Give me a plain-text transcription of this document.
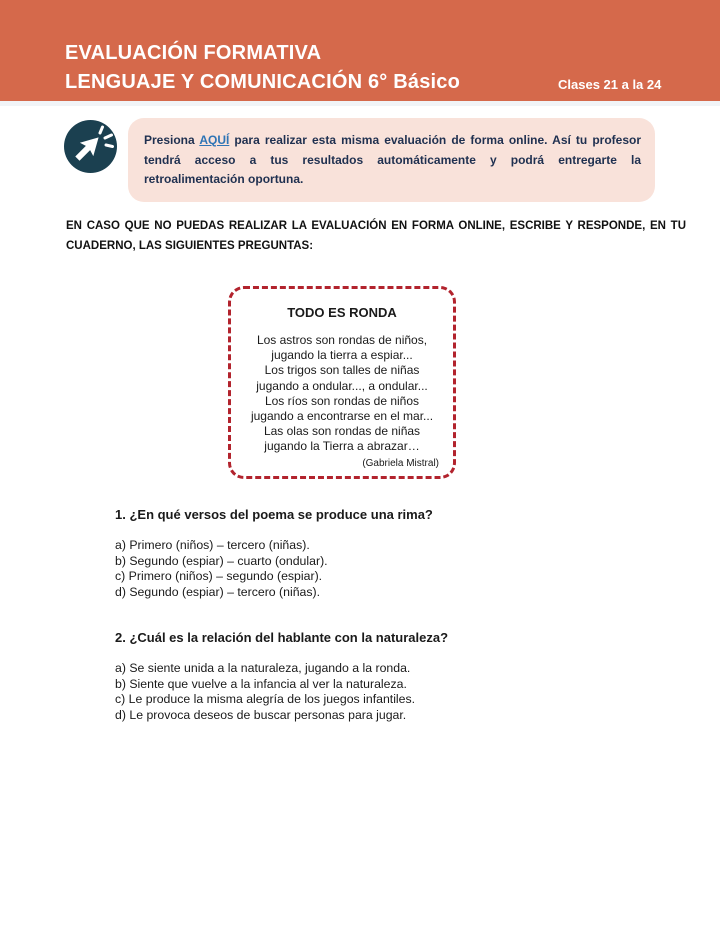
EVALUACIÓN FORMATIVA
LENGUAJE Y COMUNICACIÓN 6° Básico	Clases 21 a la 24
Presiona AQUÍ para realizar esta misma evaluación de forma online. Así tu profesor tendrá acceso a tus resultados automáticamente y podrá entregarte la retroalimentación oportuna.
EN CASO QUE NO PUEDAS REALIZAR LA EVALUACIÓN EN FORMA ONLINE, ESCRIBE Y RESPONDE, EN TU CUADERNO, LAS SIGUIENTES PREGUNTAS:
TODO ES RONDA
Los astros son rondas de niños,
jugando la tierra a espiar...
Los trigos son talles de niñas
jugando a ondular..., a ondular...
Los ríos son rondas de niños
jugando a encontrarse en el mar...
Las olas son rondas de niñas
jugando la Tierra a abrazar…
(Gabriela Mistral)
1. ¿En qué versos del poema se produce una rima?
a) Primero (niños) – tercero (niñas).
b) Segundo (espiar) – cuarto (ondular).
c) Primero (niños) – segundo (espiar).
d) Segundo (espiar) – tercero (niñas).
2. ¿Cuál es la relación del hablante con la naturaleza?
a) Se siente unida a la naturaleza, jugando a la ronda.
b) Siente que vuelve a la infancia al ver la naturaleza.
c) Le produce la misma alegría de los juegos infantiles.
d) Le provoca deseos de buscar personas para jugar.
